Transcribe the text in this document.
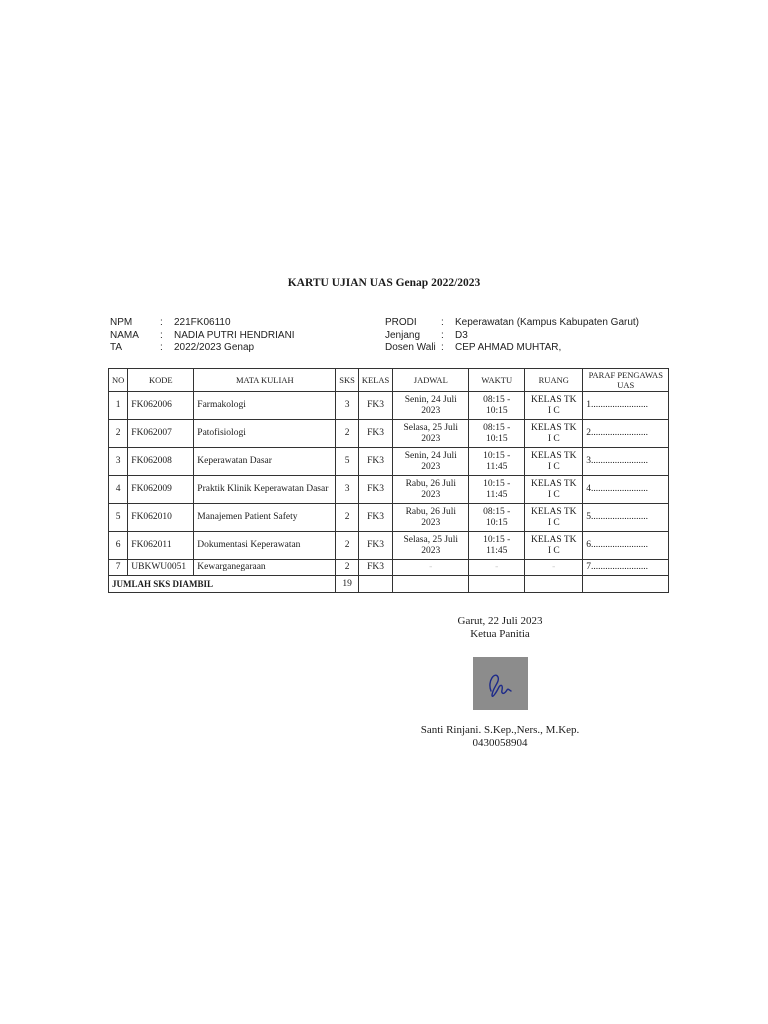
KARTU UJIAN UAS Genap 2022/2023
NPM	:	221FK06110
NAMA	:	NADIA PUTRI HENDRIANI
TA	:	2022/2023 Genap
PRODI	:	Keperawatan (Kampus Kabupaten Garut)
Jenjang	:	D3
Dosen Wali :	CEP AHMAD MUHTAR,
NO	KODE	MATA KULIAH	SKS	KELAS	JADWAL	WAKTU	RUANG	PARAF PENGAWAS UAS
1	FK062006	Farmakologi	3	FK3	Senin, 24 Juli 2023	08:15 - 10:15	KELAS TK I C	1........................
2	FK062007	Patofisiologi	2	FK3	Selasa, 25 Juli 2023	08:15 - 10:15	KELAS TK I C	2........................
3	FK062008	Keperawatan Dasar	5	FK3	Senin, 24 Juli 2023	10:15 - 11:45	KELAS TK I C	3........................
4	FK062009	Praktik Klinik Keperawatan Dasar	3	FK3	Rabu, 26 Juli 2023	10:15 - 11:45	KELAS TK I C	4........................
5	FK062010	Manajemen Patient Safety	2	FK3	Rabu, 26 Juli 2023	08:15 - 10:15	KELAS TK I C	5........................
6	FK062011	Dokumentasi Keperawatan	2	FK3	Selasa, 25 Juli 2023	10:15 - 11:45	KELAS TK I C	6........................
7	UBKWU0051	Kewarganegaraan	2	FK3	-	-	-	7........................
JUMLAH SKS DIAMBIL			19					
Garut, 22 Juli 2023
Ketua Panitia
Santi Rinjani. S.Kep.,Ners., M.Kep.
0430058904
